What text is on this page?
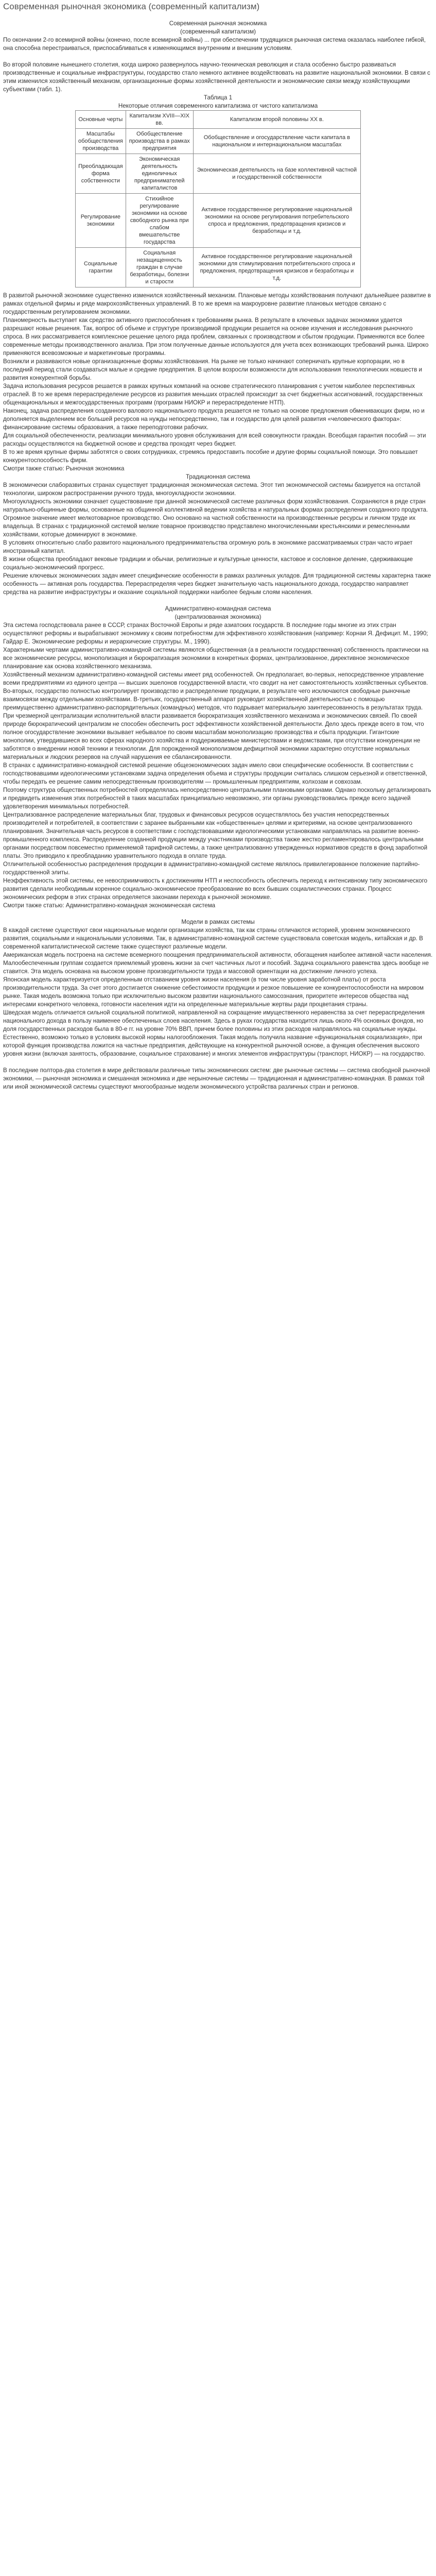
Современная рыночная экономика (современный капитализм)

Современная рыночная экономика

(современный капитализм)

По окончании 2-го всемирной войны (конечно, после всемирной войны) ... при обеспечении трудящихся рыночная система оказалась наиболее гибкой, она способна перестраиваться, приспосабливаться к изменяющимся внутренним и внешним условиям.

Во второй половине нынешнего столетия, когда широко развернулось научно-техническая революция и стала особенно быстро развиваться производственные и социальные инфраструктуры, государство стало немного активнее воздействовать на развитие национальной экономики. В связи с этим изменился хозяйственный механизм, организационные формы хозяйственной деятельности и экономические связи между хозяйствующими субъектами (табл. 1).

Таблица 1

Некоторые отличия современного капитализма от чистого капитализма

Основные черты	Капитализм XVIII—XIX вв.	Капитализм второй половины XX в.
Масштабы обобществления производства	Обобществление производства в рамках предприятия	Обобществление и огосударствление части капитала в национальном и интернациональном масштабах
Преобладающая форма собственности	Экономическая деятельность единоличных предпринимателей капиталистов	Экономическая деятельность на базе коллективной частной и государственной собственности
Регулирование экономики	Стихийное регулирование экономики на основе свободного рынка при слабом вмешательстве государства	Активное государственное регулирование национальной экономики на основе регулирования потребительского спроса и предложения, предотвращения кризисов и безработицы и т.д.
Социальные гарантии	Социальная незащищенность граждан в случае безработицы, болезни и старости	Активное государственное регулирование национальной экономики для стимулирования потребительского спроса и предложения, предотвращения кризисов и безработицы и т.д.

В развитой рыночной экономике существенно изменился хозяйственный механизм. Плановые методы хозяйствования получают дальнейшее развитие в рамках отдельной фирмы и ряде макрохозяйственных управлений. В то же время на макроуровне развитие плановых методов связано с государственным регулированием экономики.

Планомерность выступает как средство активного приспособления к требованиям рынка. В результате в ключевых задачах экономики удается разрешают новые решения. Так, вопрос об объеме и структуре производимой продукции решается на основе изучения и исследования рыночного спроса. В них рассматривается комплексное решение целого ряда проблем, связанных с производством и сбытом продукции. Применяются все более современные методы производственного анализа. При этом полученные данные используются для учета всех возникающих требований рынка. Широко применяются всевозможные и маркетинговые программы.

Возникли и развиваются новые организационные формы хозяйствования. На рынке не только начинают соперничать крупные корпорации, но в последний период стали создаваться малые и средние предприятия. В целом возросли возможности для использования технологических новшеств и развития конкурентной борьбы.

Задача использования ресурсов решается в рамках крупных компаний на основе стратегического планирования с учетом наиболее перспективных отраслей. В то же время перераспределение ресурсов из развития меньших отраслей происходит за счет бюджетных ассигнований, государственных общенациональных и межгосударственных программ (программ НИОКР и перераспределение НТП).

Наконец, задача распределения созданного валового национального продукта решается не только на основе предложения обменивающих фирм, но и дополняется выделением все большей ресурсов на нужды непосредственно, так и государство для целей развития «человеческого фактора»: финансирование системы образования, а также переподготовки рабочих.

Для социальной обеспеченности, реализации минимального уровня обслуживания для всей совокупности граждан. Всеобщая гарантия пособий — эти расходы осуществляются на бюджетной основе и средства проходят через бюджет.

В то же время крупные фирмы заботятся о своих сотрудниках, стремясь предоставить пособие и другие формы социальной помощи. Это повышает конкурентоспособность фирм.

Смотри также статью: Рыночная экономика

Традиционная система

В экономически слаборазвитых странах существует традиционная экономическая система. Этот тип экономической системы базируется на отсталой технологии, широком распространении ручного труда, многоукладности экономики.

Многоукладность экономики означает существование при данной экономической системе различных форм хозяйствования. Сохраняются в ряде стран натурально-общинные формы, основанные на общинной коллективной ведении хозяйства и натуральных формах распределения созданного продукта. Огромное значение имеет мелкотоварное производство. Оно основано на частной собственности на производственные ресурсы и личном труде их владельца. В странах с традиционной системой мелкие товарное производство представлено многочисленными крестьянскими и ремесленными хозяйствами, которые доминируют в экономике.

В условиях относительно слабо развитого национального предпринимательства огромную роль в экономике рассматриваемых стран часто играет иностранный капитал.

В жизни общества преобладают вековые традиции и обычаи, религиозные и культурные ценности, кастовое и сословное деление, сдерживающие социально-экономический прогресс.

Решение ключевых экономических задач имеет специфические особенности в рамках различных укладов. Для традиционной системы характерна также особенность — активная роль государства. Перераспределяя через бюджет значительную часть национального дохода, государство направляет средства на развитие инфраструктуры и оказание социальной поддержки наиболее бедным слоям населения.

Административно-командная система

(централизованная экономика)

Эта система господствовала ранее в СССР, странах Восточной Европы и ряде азиатских государств. В последние годы многие из этих стран осуществляют реформы и вырабатывают экономику к своим потребностям для эффективного хозяйствования (например: Корнаи Я. Дефицит. М., 1990; Гайдар Е. Экономические реформы и иерархические структуры. М., 1990).

Характерными чертами административно-командной системы являются общественная (а в реальности государственная) собственность практически на все экономические ресурсы, монополизация и бюрократизация экономики в конкретных формах, централизованное, директивное экономическое планирование как основа хозяйственного механизма.

Хозяйственный механизм административно-командной системы имеет ряд особенностей. Он предполагает, во-первых, непосредственное управление всеми предприятиями из единого центра — высших эшелонов государственной власти, что сводит на нет самостоятельность хозяйственных субъектов. Во-вторых, государство полностью контролирует производство и распределение продукции, в результате чего исключаются свободные рыночные взаимосвязи между отдельными хозяйствами. В-третьих, государственный аппарат руководит хозяйственной деятельностью с помощью преимущественно административно-распорядительных (командных) методов, что подрывает материальную заинтересованность в результатах труда.

При чрезмерной централизации исполнительной власти развивается бюрократизация хозяйственного механизма и экономических связей. По своей природе бюрократический централизм не способен обеспечить рост эффективности хозяйственной деятельности. Дело здесь прежде всего в том, что полное огосударствление экономики вызывает небывалое по своим масштабам монополизацию производства и сбыта продукции. Гигантские монополии, утвердившиеся во всех сферах народного хозяйства и поддерживаемые министерствами и ведомствами, при отсутствии конкуренции не заботятся о внедрении новой техники и технологии. Для порожденной монополизмом дефицитной экономики характерно отсутствие нормальных материальных и людских резервов на случай нарушения ее сбалансированности.

В странах с административно-командной системой решение общеэкономических задач имело свои специфические особенности. В соответствии с господствовавшими идеологическими установками задача определения объема и структуры продукции считалась слишком серьезной и ответственной, чтобы передать ее решение самим непосредственным производителям — промышленным предприятиям, колхозам и совхозам.

Поэтому структура общественных потребностей определялась непосредственно центральными плановыми органами. Однако поскольку детализировать и предвидеть изменения этих потребностей в таких масштабах принципиально невозможно, эти органы руководствовались прежде всего задачей удовлетворения минимальных потребностей.

Централизованное распределение материальных благ, трудовых и финансовых ресурсов осуществлялось без участия непосредственных производителей и потребителей, в соответствии с заранее выбранными как «общественные» целями и критериями, на основе централизованного планирования. Значительная часть ресурсов в соответствии с господствовавшими идеологическими установками направлялась на развитие военно-промышленного комплекса. Распределение созданной продукции между участниками производства также жестко регламентировалось центральными органами посредством повсеместно применяемой тарифной системы, а также централизованно утвержденных нормативов средств в фонд заработной платы. Это приводило к преобладанию уравнительного подхода в оплате труда.

Отличительной особенностью распределения продукции в административно-командной системе являлось привилегированное положение партийно-государственной элиты.

Неэффективность этой системы, ее невосприимчивость к достижениям НТП и неспособность обеспечить переход к интенсивному типу экономического развития сделали необходимым коренное социально-экономическое преобразование во всех бывших социалистических странах. Процесс экономических реформ в этих странах определяется законами перехода к рыночной экономике.

Смотри также статью: Административно-командная экономическая система

Модели в рамках системы

В каждой системе существуют свои национальные модели организации хозяйства, так как страны отличаются историей, уровнем экономического развития, социальными и национальными условиями. Так, в административно-командной системе существовала советская модель, китайская и др. В современной капиталистической системе также существуют различные модели.

Американская модель построена на системе всемерного поощрения предпринимательской активности, обогащения наиболее активной части населения. Малообеспеченным группам создается приемлемый уровень жизни за счет частичных льгот и пособий. Задача социального равенства здесь вообще не ставится. Эта модель основана на высоком уровне производительности труда и массовой ориентации на достижение личного успеха.

Японская модель характеризуется определенным отставанием уровня жизни населения (в том числе уровня заработной платы) от роста производительности труда. За счет этого достигается снижение себестоимости продукции и резкое повышение ее конкурентоспособности на мировом рынке. Такая модель возможна только при исключительно высоком развитии национального самосознания, приоритете интересов общества над интересами конкретного человека, готовности населения идти на определенные материальные жертвы ради процветания страны.

Шведская модель отличается сильной социальной политикой, направленной на сокращение имущественного неравенства за счет перераспределения национального дохода в пользу наименее обеспеченных слоев населения. Здесь в руках государства находится лишь около 4% основных фондов, но доля государственных расходов была в 80-е гг. на уровне 70% ВВП, причем более половины из этих расходов направлялось на социальные нужды. Естественно, возможно только в условиях высокой нормы налогообложения. Такая модель получила название «функциональная социализация», при которой функция производства ложится на частные предприятия, действующие на конкурентной рыночной основе, а функция обеспечения высокого уровня жизни (включая занятость, образование, социальное страхование) и многих элементов инфраструктуры (транспорт, НИОКР) — на государство.

В последние полтора-два столетия в мире действовали различные типы экономических систем: две рыночные системы — система свободной рыночной экономики, — рыночная экономика и смешанная экономика и две нерыночные системы — традиционная и административно-командная. В рамках той или иной экономической системы существуют многообразные модели экономического устройства различных стран и регионов.
